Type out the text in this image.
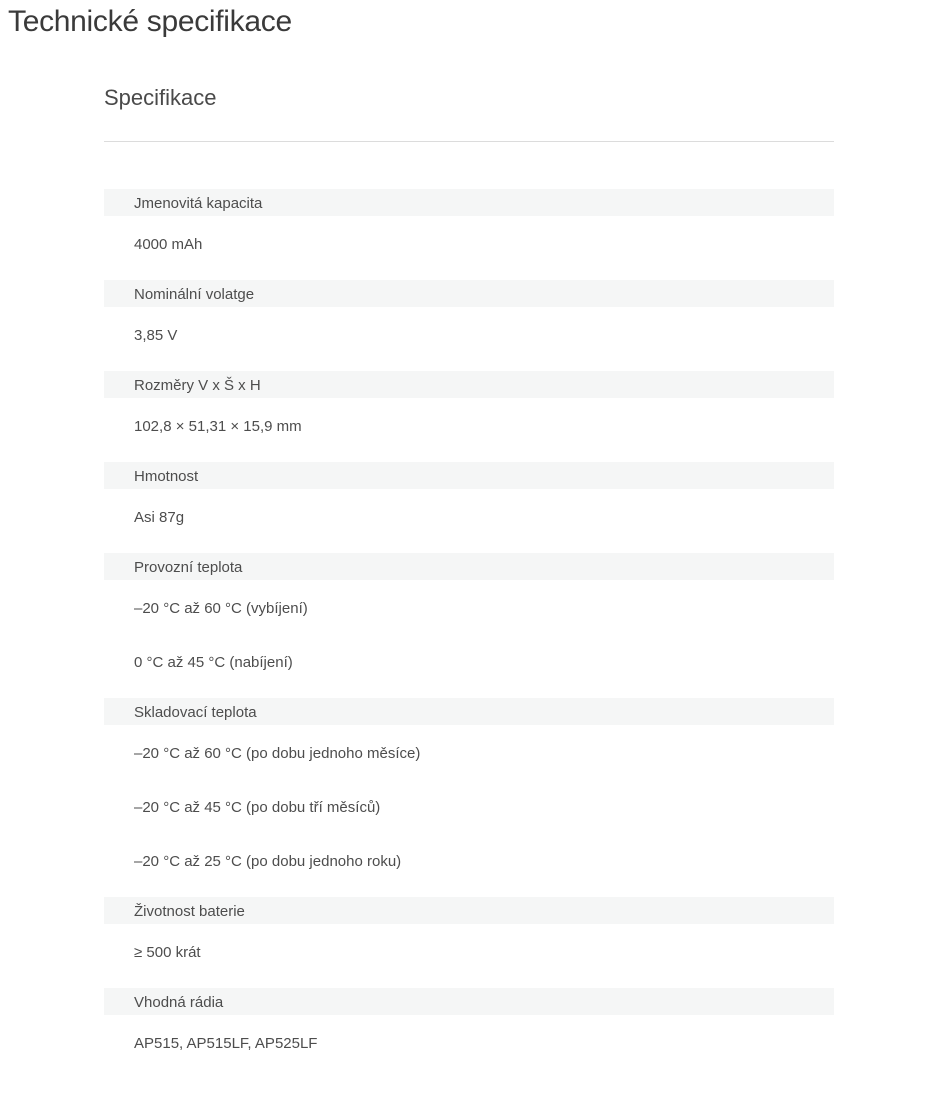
Technické specifikace
Specifikace
Jmenovitá kapacita
4000 mAh
Nominální volatge
3,85 V
Rozměry V x Š x H
102,8 × 51,31 × 15,9 mm
Hmotnost
Asi 87g
Provozní teplota
–20 °C až 60 °C (vybíjení)
0 °C až 45 °C (nabíjení)
Skladovací teplota
–20 °C až 60 °C (po dobu jednoho měsíce)
–20 °C až 45 °C (po dobu tří měsíců)
–20 °C až 25 °C (po dobu jednoho roku)
Životnost baterie
≥ 500 krát
Vhodná rádia
AP515, AP515LF, AP525LF
